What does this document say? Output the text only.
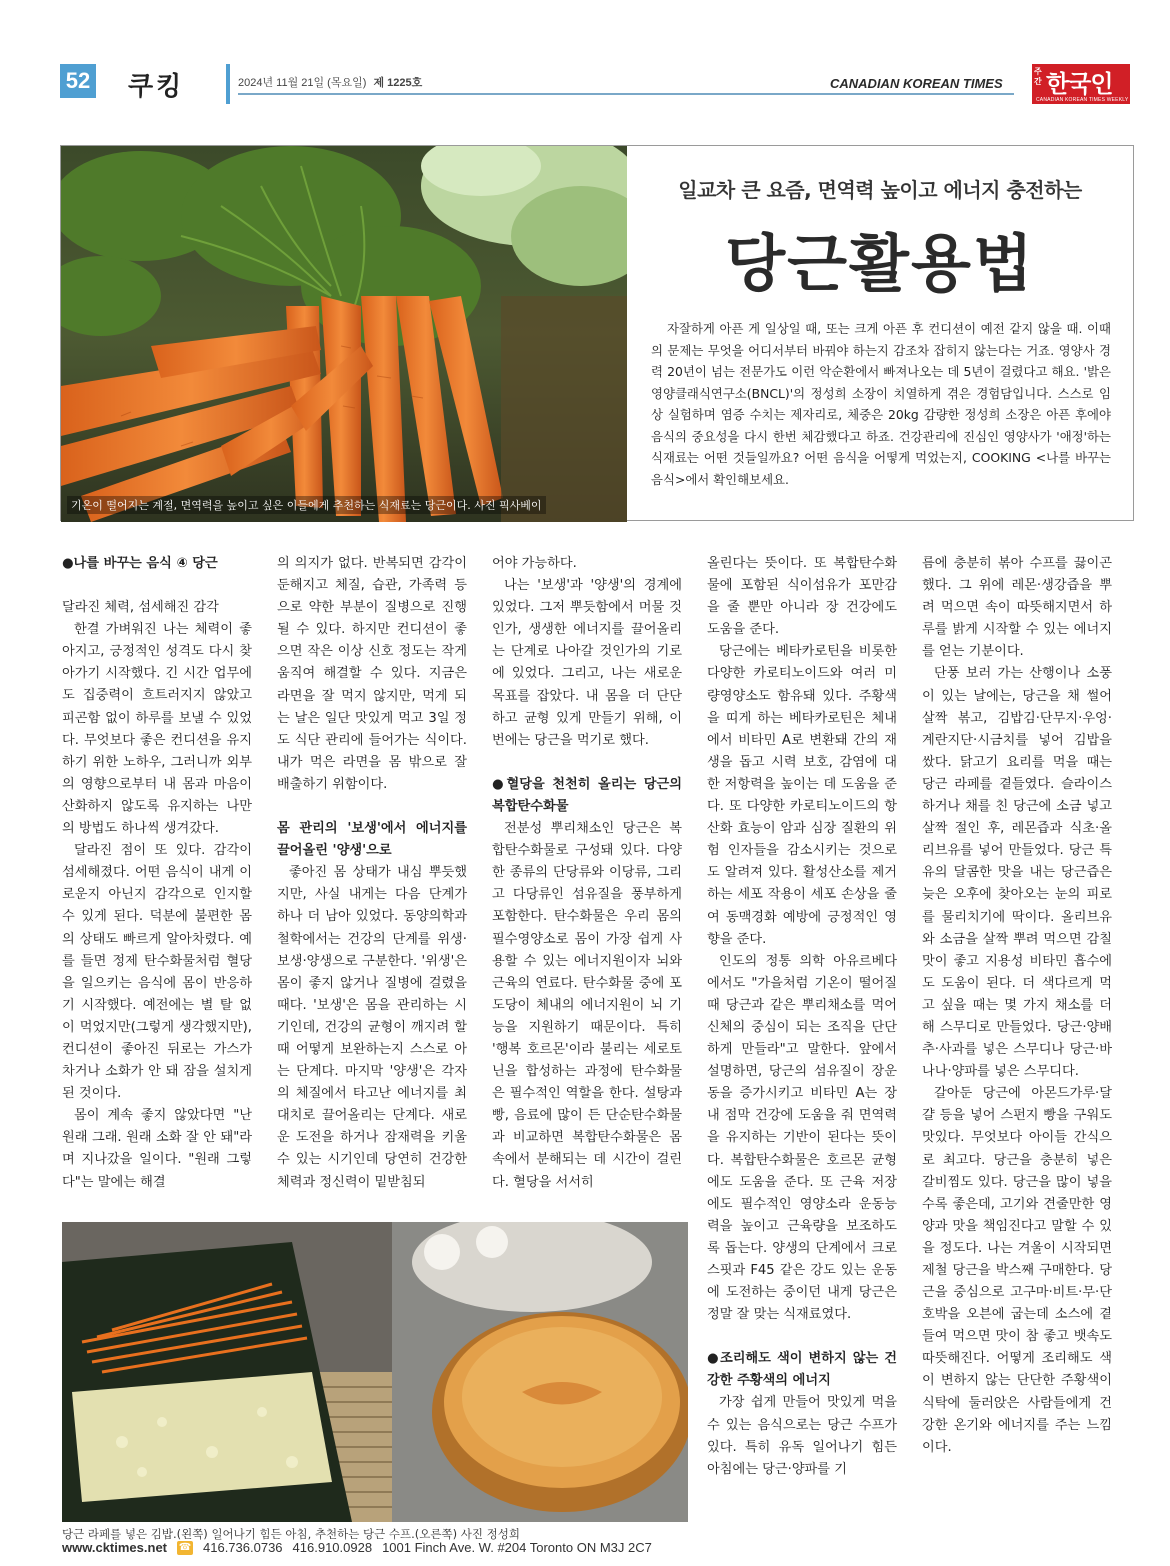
52 쿠킹	2024년 11월 21일 (목요일) 제 1225호	CANADIAN KOREAN TIMES
주간 한국인
CANADIAN KOREAN TIMES WEEKLY
기온이 떨어지는 계절, 면역력을 높이고 싶은 이들에게 추천하는 식재료는 당근이다. 사진 픽사베이
일교차 큰 요즘, 면역력 높이고 에너지 충전하는
당근활용법
자잘하게 아픈 게 일상일 때, 또는 크게 아픈 후 컨디션이 예전 같지 않을 때. 이때의 문제는 무엇을 어디서부터 바꿔야 하는지 감조차 잡히지 않는다는 거죠. 영양사 경력 20년이 넘는 전문가도 이런 악순환에서 빠져나오는 데 5년이 걸렸다고 해요. '밝은영양클래식연구소(BNCL)'의 정성희 소장이 치열하게 겪은 경험담입니다. 스스로 임상 실험하며 염증 수치는 제자리로, 체중은 20kg 감량한 정성희 소장은 아픈 후에야 음식의 중요성을 다시 한번 체감했다고 하죠. 건강관리에 진심인 영양사가 '애정'하는 식재료는 어떤 것들일까요? 어떤 음식을 어떻게 먹었는지, COOKING <나를 바꾸는 음식>에서 확인해보세요.

●나를 바꾸는 음식 ④ 당근

달라진 체력, 섬세해진 감각

한결 가벼워진 나는 체력이 좋아지고, 긍정적인 성격도 다시 찾아가기 시작했다. 긴 시간 업무에도 집중력이 흐트러지지 않았고 피곤함 없이 하루를 보낼 수 있었다. 무엇보다 좋은 컨디션을 유지하기 위한 노하우, 그러니까 외부의 영향으로부터 내 몸과 마음이 산화하지 않도록 유지하는 나만의 방법도 하나씩 생겨갔다.

달라진 점이 또 있다. 감각이 섬세해졌다. 어떤 음식이 내게 이로운지 아닌지 감각으로 인지할 수 있게 된다. 덕분에 불편한 몸의 상태도 빠르게 알아차렸다. 예를 들면 정제 탄수화물처럼 혈당을 일으키는 음식에 몸이 반응하기 시작했다. 예전에는 별 탈 없이 먹었지만(그렇게 생각했지만), 컨디션이 좋아진 뒤로는 가스가 차거나 소화가 안 돼 잠을 설치게 된 것이다.

몸이 계속 좋지 않았다면 "난 원래 그래. 원래 소화 잘 안 돼"라며 지나갔을 일이다. "원래 그렇다"는 말에는 해결

의 의지가 없다. 반복되면 감각이 둔해지고 체질, 습관, 가족력 등으로 약한 부분이 질병으로 진행될 수 있다. 하지만 컨디션이 좋으면 작은 이상 신호 정도는 작게 움직여 해결할 수 있다. 지금은 라면을 잘 먹지 않지만, 먹게 되는 날은 일단 맛있게 먹고 3일 정도 식단 관리에 들어가는 식이다. 내가 먹은 라면을 몸 밖으로 잘 배출하기 위함이다.

몸 관리의 '보생'에서 에너지를 끌어올린 '양생'으로

좋아진 몸 상태가 내심 뿌듯했지만, 사실 내게는 다음 단계가 하나 더 남아 있었다. 동양의학과 철학에서는 건강의 단계를 위생·보생·양생으로 구분한다. '위생'은 몸이 좋지 않거나 질병에 걸렸을 때다. '보생'은 몸을 관리하는 시기인데, 건강의 균형이 깨지려 할 때 어떻게 보완하는지 스스로 아는 단계다. 마지막 '양생'은 각자의 체질에서 타고난 에너지를 최대치로 끌어올리는 단계다. 새로운 도전을 하거나 잠재력을 키울 수 있는 시기인데 당연히 건강한 체력과 정신력이 밑받침되

어야 가능하다.

나는 '보생'과 '양생'의 경계에 있었다. 그저 뿌듯함에서 머물 것인가, 생생한 에너지를 끌어올리는 단계로 나아갈 것인가의 기로에 있었다. 그리고, 나는 새로운 목표를 잡았다. 내 몸을 더 단단하고 균형 있게 만들기 위해, 이번에는 당근을 먹기로 했다.

●혈당을 천천히 올리는 당근의 복합탄수화물

전분성 뿌리채소인 당근은 복합탄수화물로 구성돼 있다. 다양한 종류의 단당류와 이당류, 그리고 다당류인 섬유질을 풍부하게 포함한다. 탄수화물은 우리 몸의 필수영양소로 몸이 가장 쉽게 사용할 수 있는 에너지원이자 뇌와 근육의 연료다. 탄수화물 중에 포도당이 체내의 에너지원이 뇌 기능을 지원하기 때문이다. 특히 '행복 호르몬'이라 불리는 세로토닌을 합성하는 과정에 탄수화물은 필수적인 역할을 한다. 설탕과 빵, 음료에 많이 든 단순탄수화물과 비교하면 복합탄수화물은 몸속에서 분해되는 데 시간이 걸린다. 혈당을 서서히

올린다는 뜻이다. 또 복합탄수화물에 포함된 식이섬유가 포만감을 줄 뿐만 아니라 장 건강에도 도움을 준다.

당근에는 베타카로틴을 비롯한 다양한 카로티노이드와 여러 미량영양소도 함유돼 있다. 주황색을 띠게 하는 베타카로틴은 체내에서 비타민 A로 변환돼 간의 재생을 돕고 시력 보호, 감염에 대한 저항력을 높이는 데 도움을 준다. 또 다양한 카로티노이드의 항산화 효능이 암과 심장 질환의 위험 인자들을 감소시키는 것으로도 알려져 있다. 활성산소를 제거하는 세포 작용이 세포 손상을 줄여 동맥경화 예방에 긍정적인 영향을 준다.

인도의 정통 의학 아유르베다에서도 "가을처럼 기온이 떨어질 때 당근과 같은 뿌리채소를 먹어 신체의 중심이 되는 조직을 단단하게 만들라"고 말한다. 앞에서 설명하면, 당근의 섬유질이 장운동을 증가시키고 비타민 A는 장내 점막 건강에 도움을 줘 면역력을 유지하는 기반이 된다는 뜻이다. 복합탄수화물은 호르몬 균형에도 도움을 준다. 또 근육 저장에도 필수적인 영양소라 운동능력을 높이고 근육량을 보조하도록 돕는다. 양생의 단계에서 크로스핏과 F45 같은 강도 있는 운동에 도전하는 중이던 내게 당근은 정말 잘 맞는 식재료였다.

●조리해도 색이 변하지 않는 건강한 주황색의 에너지

가장 쉽게 만들어 맛있게 먹을 수 있는 음식으로는 당근 수프가 있다. 특히 유독 일어나기 힘든 아침에는 당근·양파를 기

름에 충분히 볶아 수프를 끓이곤 했다. 그 위에 레몬·생강즙을 뿌려 먹으면 속이 따뜻해지면서 하루를 밝게 시작할 수 있는 에너지를 얻는 기분이다.

단풍 보러 가는 산행이나 소풍이 있는 날에는, 당근을 채 썰어 살짝 볶고, 김밥김·단무지·우엉·계란지단·시금치를 넣어 김밥을 쌌다. 닭고기 요리를 먹을 때는 당근 라페를 곁들였다. 슬라이스 하거나 채를 친 당근에 소금 넣고 살짝 절인 후, 레몬즙과 식초·올리브유를 넣어 만들었다. 당근 특유의 달콤한 맛을 내는 당근즙은 늦은 오후에 찾아오는 눈의 피로를 물리치기에 딱이다. 올리브유와 소금을 살짝 뿌려 먹으면 감칠맛이 좋고 지용성 비타민 흡수에도 도움이 된다. 더 색다르게 먹고 싶을 때는 몇 가지 채소를 더해 스무디로 만들었다. 당근·양배추·사과를 넣은 스무디나 당근·바나나·양파를 넣은 스무디다.

갈아둔 당근에 아몬드가루·달걀 등을 넣어 스펀지 빵을 구워도 맛있다. 무엇보다 아이들 간식으로 최고다. 당근을 충분히 넣은 갈비찜도 있다. 당근을 많이 넣을수록 좋은데, 고기와 견줄만한 영양과 맛을 책임진다고 말할 수 있을 정도다. 나는 겨울이 시작되면 제철 당근을 박스째 구매한다. 당근을 중심으로 고구마·비트·무·단호박을 오븐에 굽는데 소스에 곁들여 먹으면 맛이 참 좋고 뱃속도 따뜻해진다. 어떻게 조리해도 색이 변하지 않는 단단한 주황색이 식탁에 둘러앉은 사람들에게 건강한 온기와 에너지를 주는 느낌이다.

당근 라페를 넣은 김밥.(왼쪽) 일어나기 힘든 아침, 추천하는 당근 수프.(오른쪽) 사진 정성희
www.cktimes.net ☎ 416.736.0736 416.910.0928 1001 Finch Ave. W. #204 Toronto ON M3J 2C7
